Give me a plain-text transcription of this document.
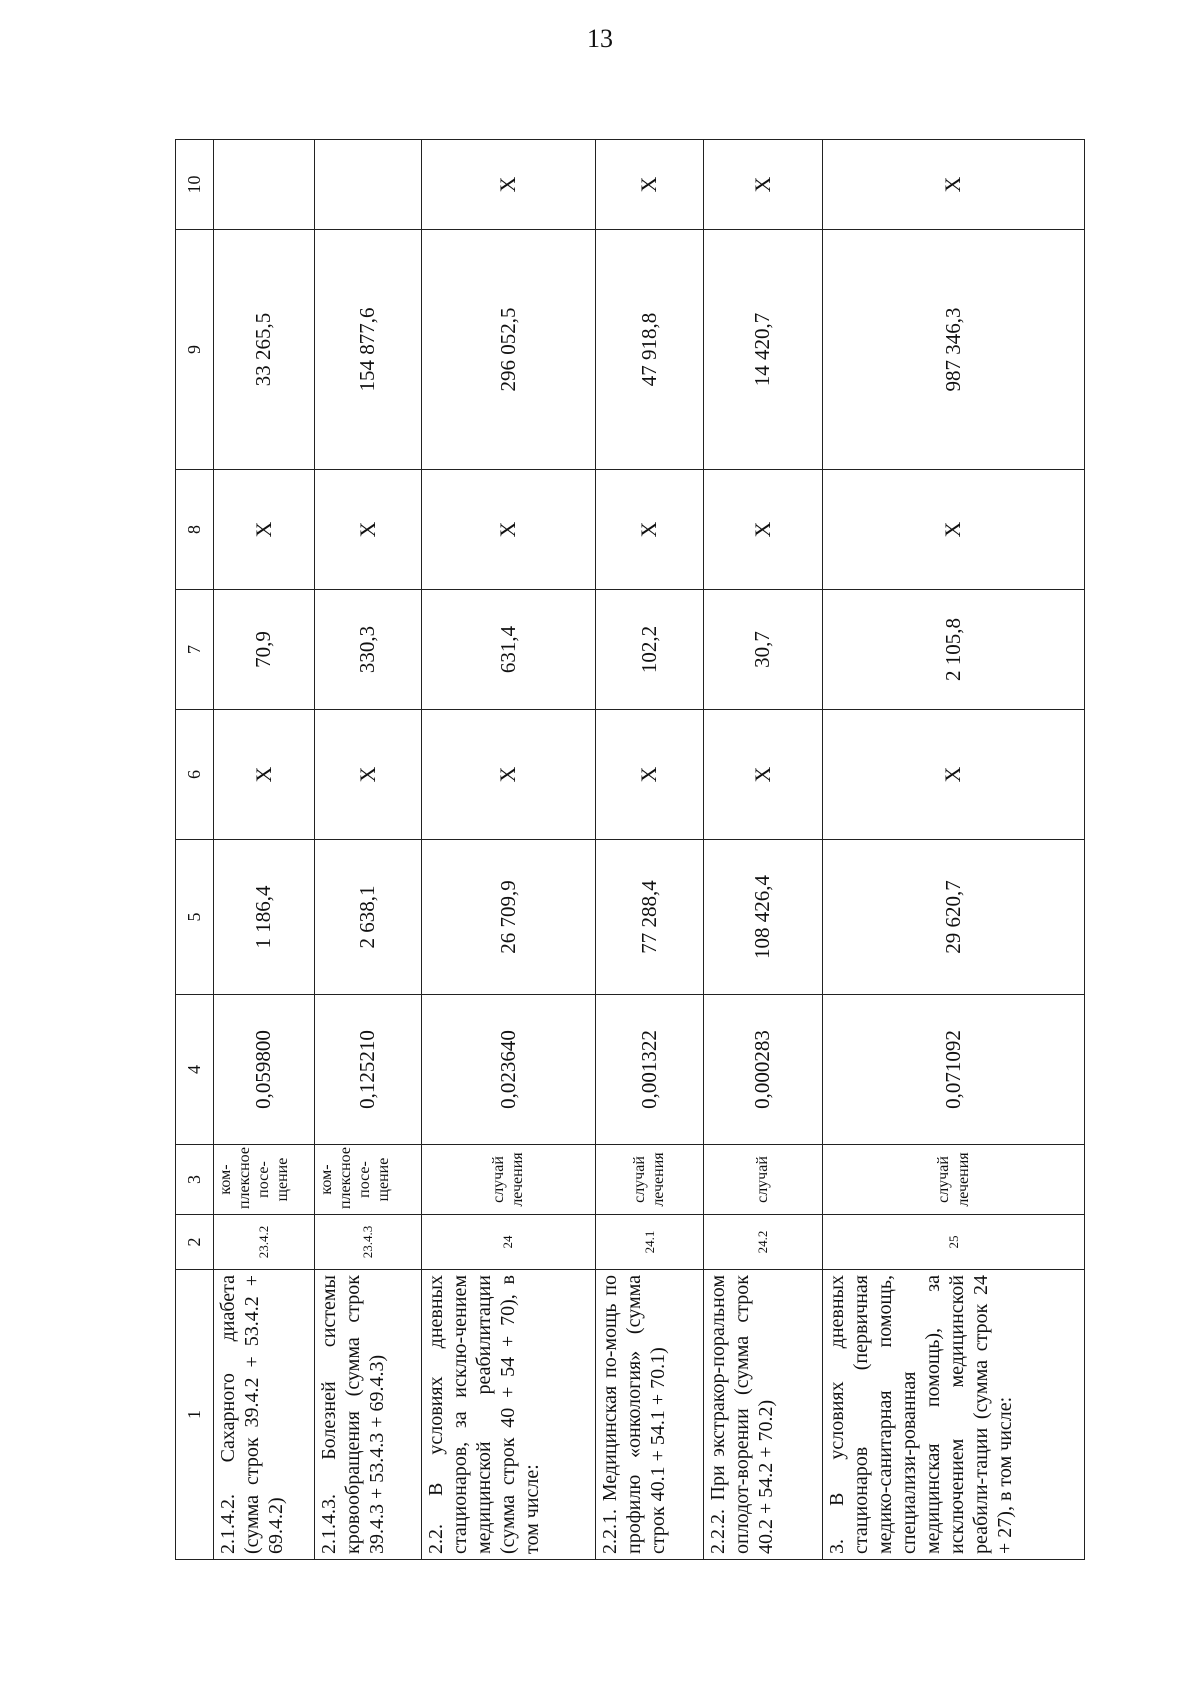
13
1	2	3	4	5	6	7	8	9	10
2.1.4.2. Сахарного диабета (сумма строк 39.4.2 + 53.4.2 + 69.4.2)	23.4.2	ком-плексное посе-щение	0,059800	1 186,4	Х	70,9	Х	33 265,5	
2.1.4.3. Болезней системы кровообращения (сумма строк 39.4.3 + 53.4.3 + 69.4.3)	23.4.3	ком-плексное посе-щение	0,125210	2 638,1	Х	330,3	Х	154 877,6	
2.2. В условиях дневных стационаров, за исклю-чением медицинской реабилитации (сумма строк 40 + 54 + 70), в том числе:	24	случай лечения	0,023640	26 709,9	Х	631,4	Х	296 052,5	Х
2.2.1. Медицинская по-мощь по профилю «онкология» (сумма строк 40.1 + 54.1 + 70.1)	24.1	случай лечения	0,001322	77 288,4	Х	102,2	Х	47 918,8	Х
2.2.2. При экстракор-поральном оплодот-ворении (сумма строк 40.2 + 54.2 + 70.2)	24.2	случай	0,000283	108 426,4	Х	30,7	Х	14 420,7	Х
3. В условиях дневных стационаров (первичная медико-санитарная помощь, специализи-рованная медицинская помощь), за исключением медицинской реабили-тации (сумма строк 24 + 27), в том числе:	25	случай лечения	0,071092	29 620,7	Х	2 105,8	Х	987 346,3	Х
